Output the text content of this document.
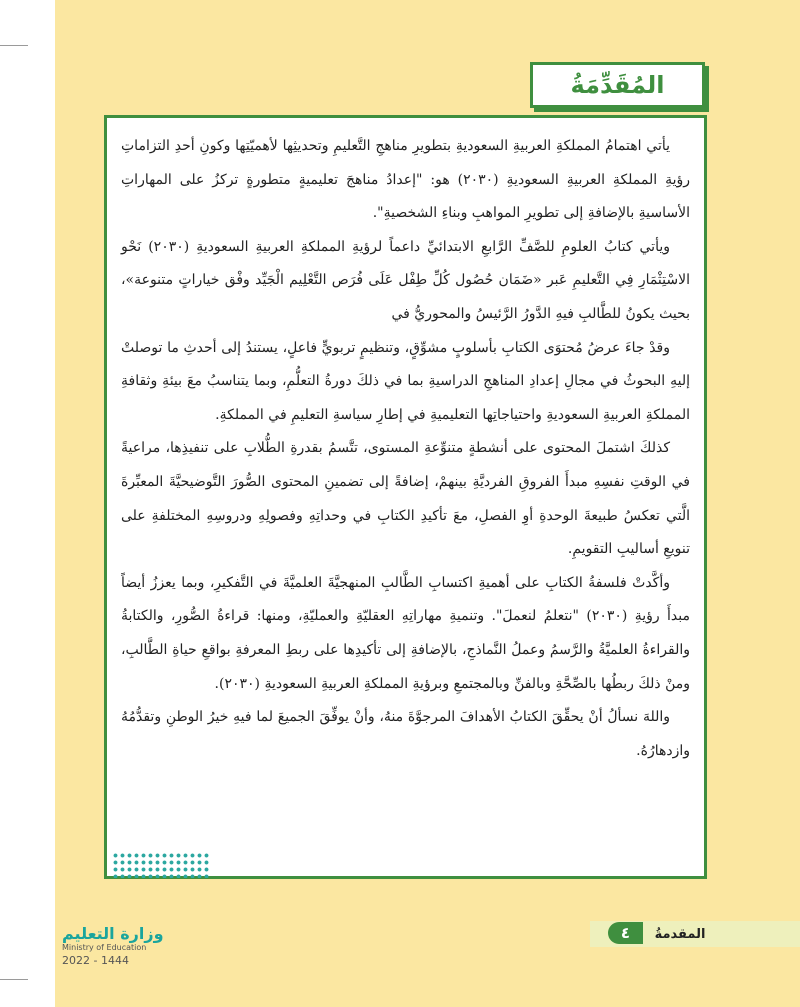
المُقَدِّمَةُ

يأتي اهتمامُ المملكةِ العربيةِ السعوديةِ بتطويرِ مناهجِ التَّعليمِ وتحديثِها لأهميّتِها وكونِ أحدِ التزاماتِ رؤيةِ المملكةِ العربيةِ السعوديةِ (٢٠٣٠) هو: "إعدادُ مناهجَ تعليميةٍ متطورةٍ تركزُ على المهاراتِ الأساسيةِ بالإضافةِ إلى تطويرِ المواهبِ وبناءِ الشخصيةِ".

ويأتي كتابُ العلومِ للصَّفِّ الرَّابعِ الابتدائيِّ داعماً لرؤيةِ المملكةِ العربيةِ السعوديةِ (٢٠٣٠) نَحْو الاسْتِثْمَارِ فِي التَّعليمِ عَبر «ضَمَان حُصُول كُلِّ طِفْل عَلَى فُرَص التَّعْلِيم الْجَيِّد وفْق خياراتٍ متنوعة»، بحيث يكونُ للطَّالبِ فيهِ الدَّورُ الرَّئيسُ والمحوريُّ في

وقدْ جاءَ عرضُ مُحتوَى الكتابِ بأسلوبٍ مشوِّقٍ، وتنظيمٍ تربويٍّ فاعلٍ، يستندُ إلى أحدثِ ما توصلتْ إليهِ البحوثُ في مجالِ إعدادِ المناهجِ الدراسيةِ بما في ذلكَ دورةُ التعلُّمِ، وبما يتناسبُ معَ بيئةِ وثقافةِ المملكةِ العربيةِ السعوديةِ واحتياجاتِها التعليميةِ في إطارِ سياسةِ التعليمِ في المملكةِ.

كذلكَ اشتملَ المحتوى على أنشطةٍ متنوِّعةِ المستوى، تتَّسمُ بقدرةِ الطُّلابِ على تنفيذِها، مراعيةً في الوقتِ نفسِهِ مبدأَ الفروقِ الفرديَّةِ بينهمْ، إضافةً إلى تضمينِ المحتوى الصُّورَ التَّوضيحيَّةَ المعبِّرةَ الَّتي تعكسُ طبيعةَ الوحدةِ أوِ الفصلِ، معَ تأكيدِ الكتابِ في وحداتِهِ وفصولِهِ ودروسِهِ المختلفةِ على تنويعِ أساليبِ التقويمِ.

وأكَّدتْ فلسفةُ الكتابِ على أهميةِ اكتسابِ الطَّالبِ المنهجيَّةَ العلميَّةَ في التَّفكيرِ، وبما يعززُ أيضاً مبدأَ رؤيةِ (٢٠٣٠) "نتعلمُ لنعملَ". وتنميةِ مهاراتِهِ العقليّةِ والعمليّةِ، ومنها: قراءةُ الصُّورِ، والكتابةُ والقراءةُ العلميَّةُ والرَّسمُ وعملُ النَّماذجِ، بالإضافةِ إلى تأكيدِها على ربطِ المعرفةِ بواقعِ حياةِ الطَّالبِ، ومنْ ذلكَ ربطُها بالصِّحَّةِ وبالفنِّ وبالمجتمعِ وبرؤيةِ المملكةِ العربيةِ السعوديةِ (٢٠٣٠).

واللهَ نسألُ أنْ يحقِّقَ الكتابُ الأهدافَ المرجوَّةَ منهُ، وأنْ يوفِّقَ الجميعَ لما فيهِ خيرُ الوطنِ وتقدُّمُهُ وازدهارُهُ.

المقدمةُ
٤
وزارة التعليم
Ministry of Education
2022 - 1444
